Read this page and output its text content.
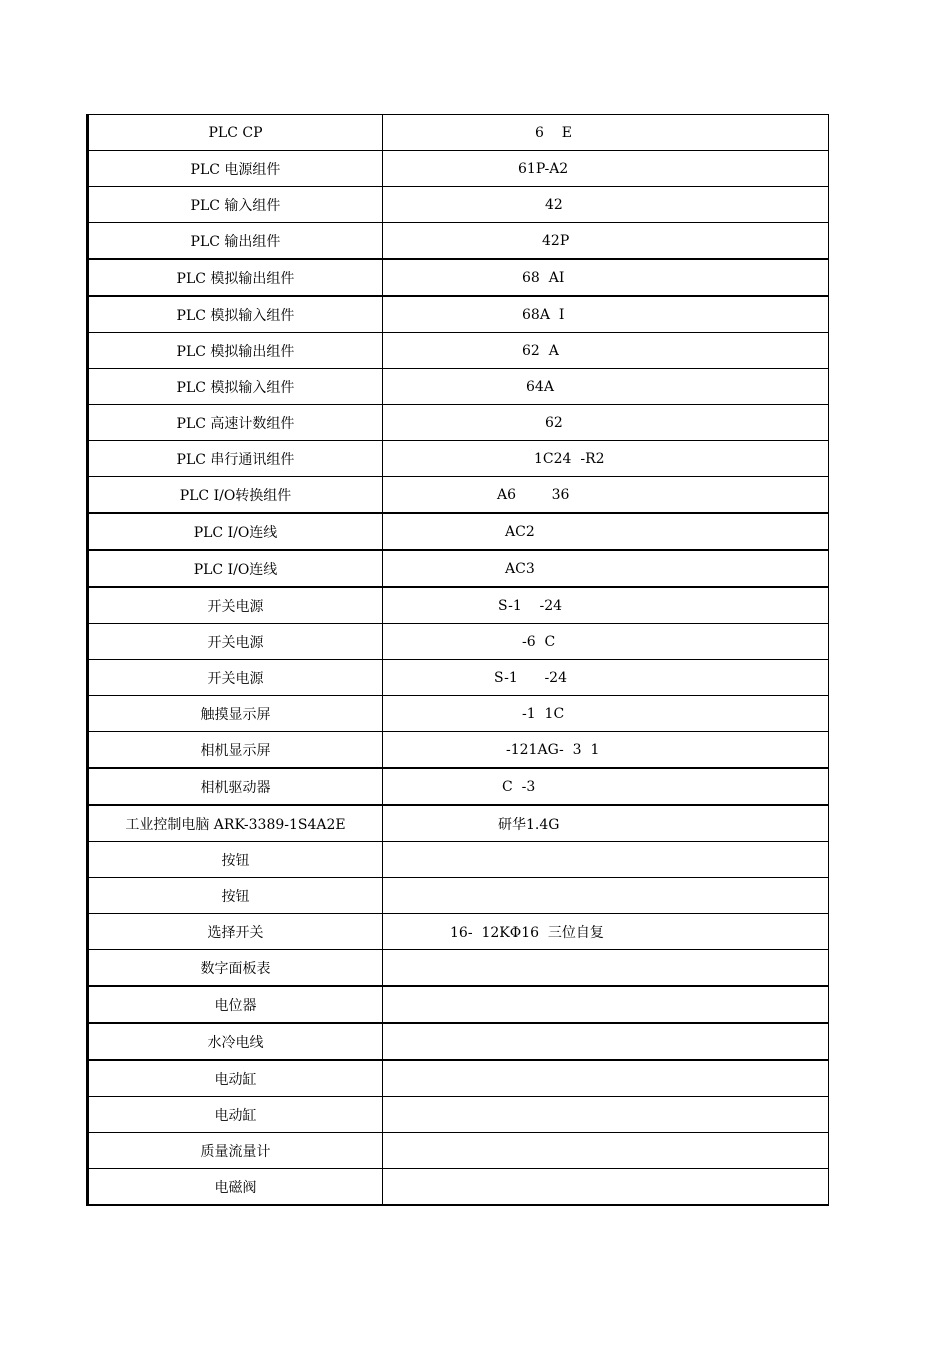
PLC CP	6    E
PLC 电源组件	61P-A2
PLC 输入组件	42
PLC 输出组件	42P
PLC 模拟输出组件	68  AI
PLC 模拟输入组件	68A  I
PLC 模拟输出组件	62  A
PLC 模拟输入组件	64A
PLC 高速计数组件	62
PLC 串行通讯组件	1C24  -R2
PLC I/O转换组件	A6        36
PLC I/O连线	AC2
PLC I/O连线	AC3
开关电源	S-1    -24
开关电源	-6  C
开关电源	S-1      -24
触摸显示屏	-1  1C
相机显示屏	-121AG-  3  1
相机驱动器	C  -3
工业控制电脑 ARK-3389-1S4A2E	研华1.4G
按钮	
按钮	
选择开关	16-  12KΦ16  三位自复
数字面板表	
电位器	
水冷电线	
电动缸	
电动缸	
质量流量计	
电磁阀	
